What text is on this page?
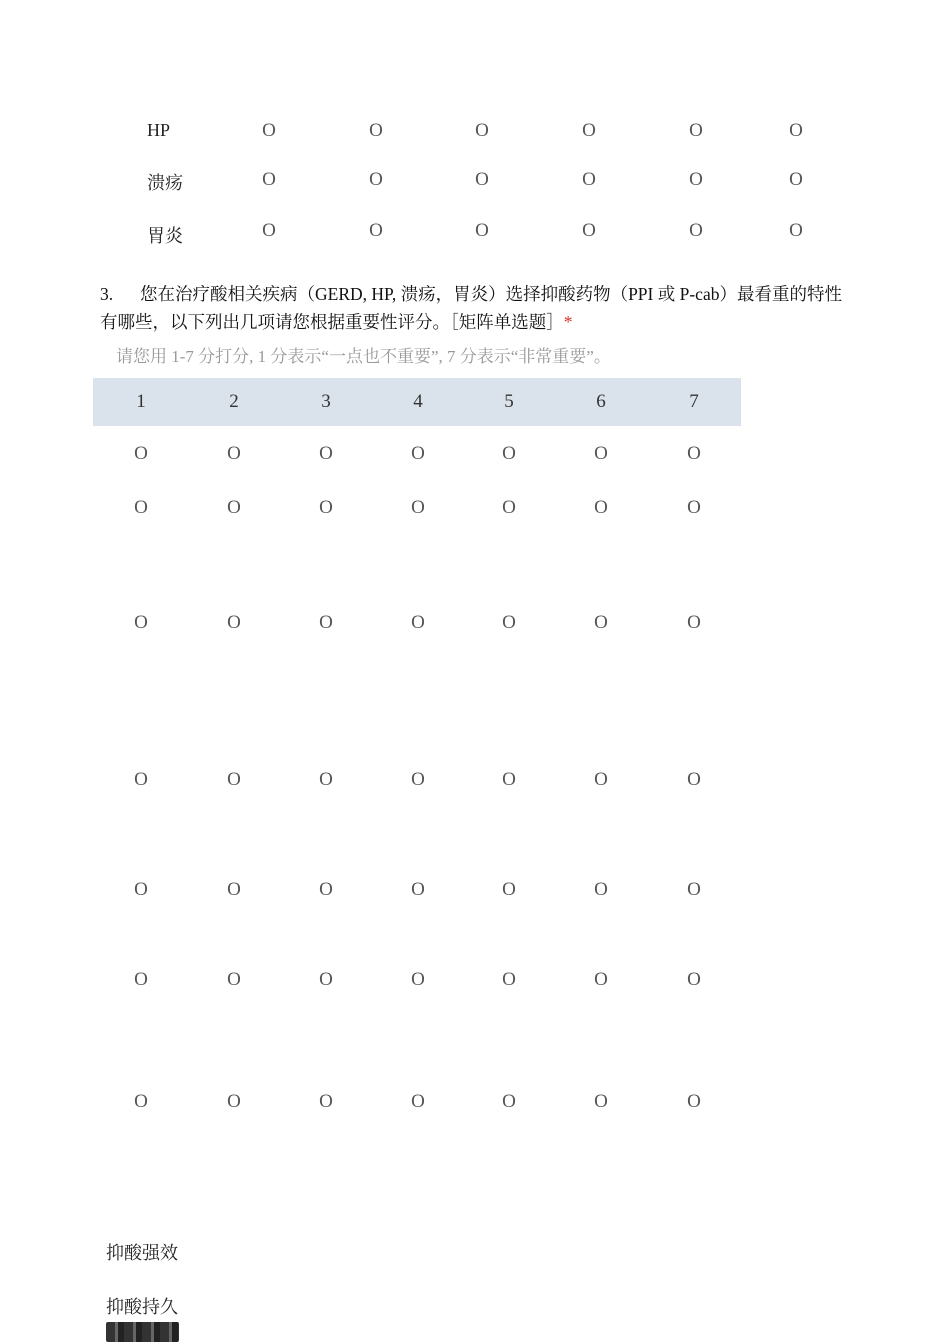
HP	O	O	O	O	O	O
溃疡	O	O	O	O	O	O
胃炎	O	O	O	O	O	O
3. 您在治疗酸相关疾病（GERD, HP, 溃疡，胃炎）选择抑酸药物（PPI 或 P-cab）最看重的特性有哪些，以下列出几项请您根据重要性评分。［矩阵单选题］*
请您用 1-7 分打分, 1 分表示“一点也不重要”, 7 分表示“非常重要”。
1	2	3	4	5	6	7
O	O	O	O	O	O	O
O	O	O	O	O	O	O
O	O	O	O	O	O	O
O	O	O	O	O	O	O
O	O	O	O	O	O	O
O	O	O	O	O	O	O
O	O	O	O	O	O	O
抑酸强效
抑酸持久
